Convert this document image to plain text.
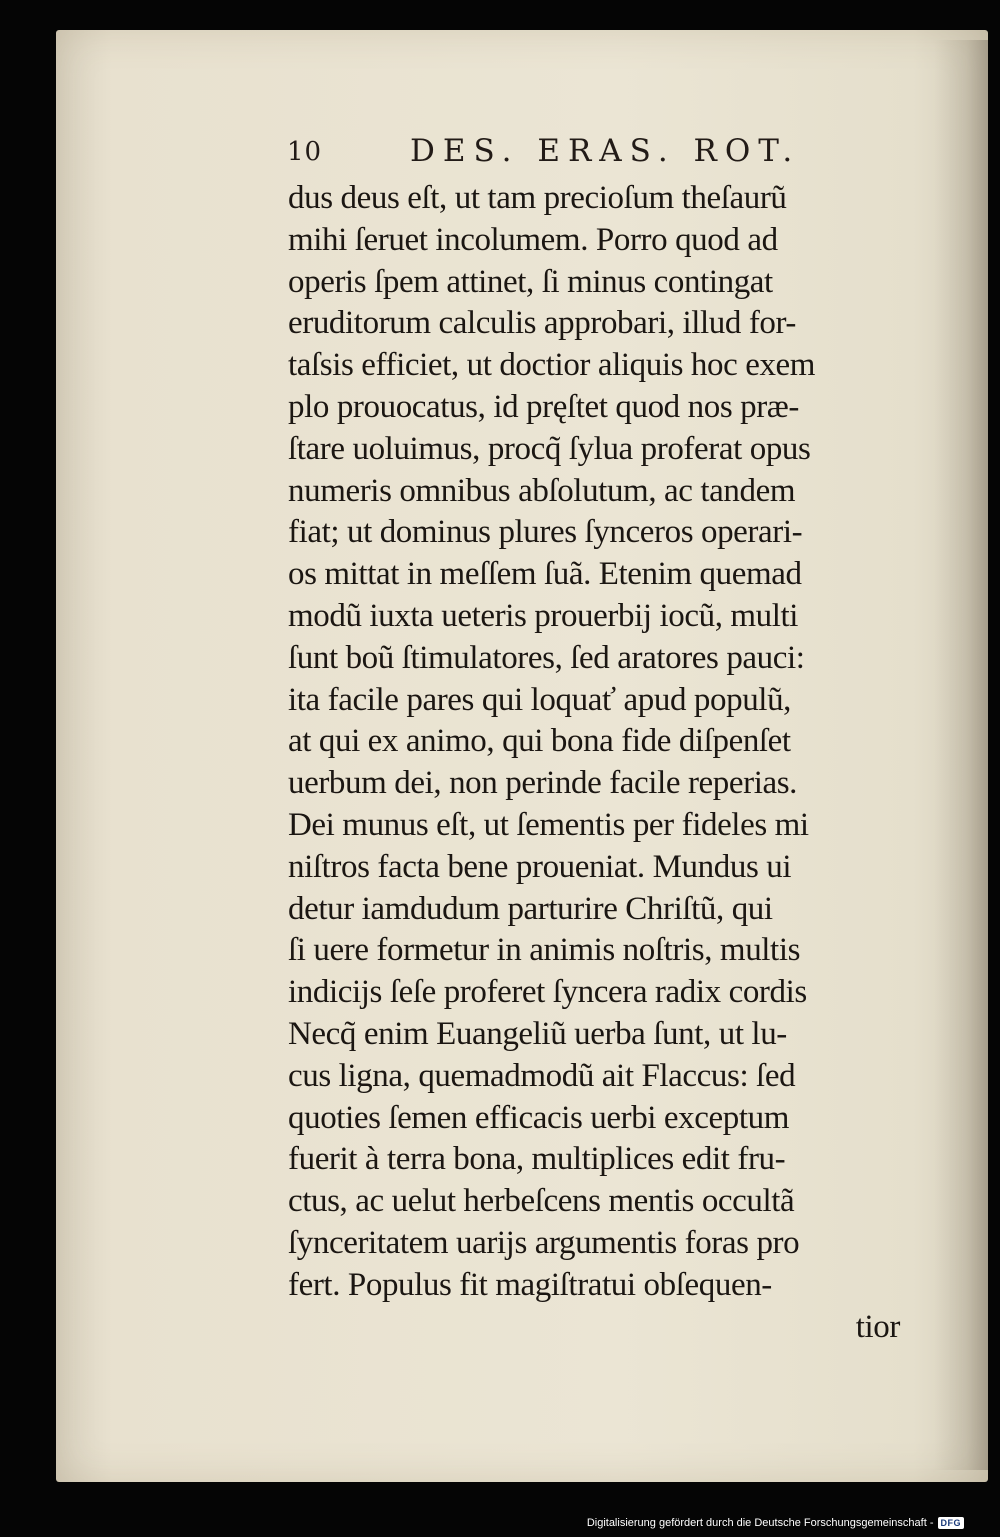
10	DES. ERAS. ROT.
dus deus eſt, ut tam precioſum theſaurũ
mihi ſeruet incolumem. Porro quod ad
operis ſpem attinet, ſi minus contingat
eruditorum calculis approbari, illud for-
taſsis efficiet, ut doctior aliquis hoc exem
plo prouocatus, id pręſtet quod nos præ-
ſtare uoluimus, procq̃ ſylua proferat opus
numeris omnibus abſolutum, ac tandem
fiat; ut dominus plures ſynceros operari-
os mittat in meſſem ſuã. Etenim quemad
modũ iuxta ueteris prouerbij iocũ, multi
ſunt boũ ſtimulatores, ſed aratores pauci:
ita facile pares qui loquať apud populũ,
at qui ex animo, qui bona fide diſpenſet
uerbum dei, non perinde facile reperias.
Dei munus eſt, ut ſementis per fideles mi
niſtros facta bene proueniat. Mundus ui
detur iamdudum parturire Chriſtũ, qui
ſi uere formetur in animis noſtris, multis
indicijs ſeſe proferet ſyncera radix cordis
Necq̃ enim Euangeliũ uerba ſunt, ut lu-
cus ligna, quemadmodũ ait Flaccus: ſed
quoties ſemen efficacis uerbi exceptum
fuerit à terra bona, multiplices edit fru-
ctus, ac uelut herbeſcens mentis occultã
ſynceritatem uarijs argumentis foras pro
fert. Populus fit magiſtratui obſequen-
tior
Digitalisierung gefördert durch die Deutsche Forschungsgemeinschaft - DFG
